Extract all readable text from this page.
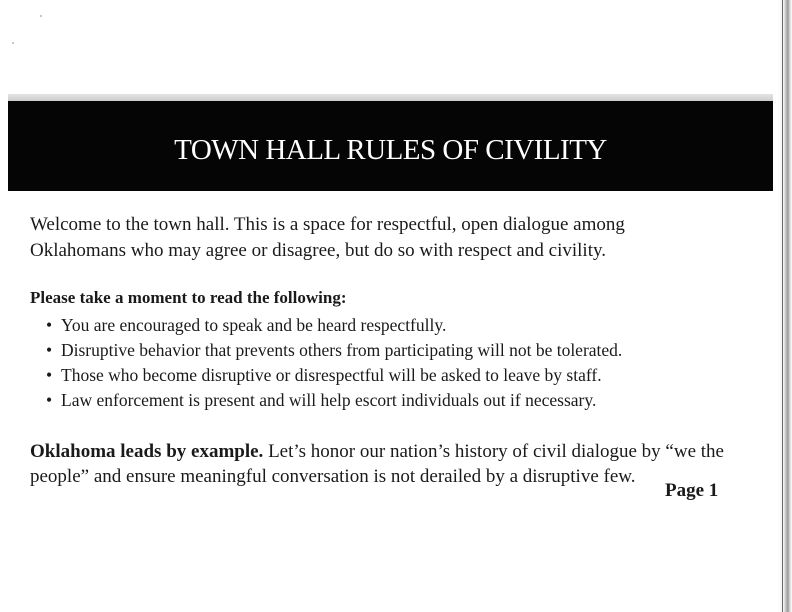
TOWN HALL RULES OF CIVILITY

Welcome to the town hall. This is a space for respectful, open dialogue among Oklahomans who may agree or disagree, but do so with respect and civility.

Please take a moment to read the following:

• You are encouraged to speak and be heard respectfully.
• Disruptive behavior that prevents others from participating will not be tolerated.
• Those who become disruptive or disrespectful will be asked to leave by staff.
• Law enforcement is present and will help escort individuals out if necessary.

Oklahoma leads by example. Let’s honor our nation’s history of civil dialogue by “we the people” and ensure meaningful conversation is not derailed by a disruptive few.

Page 1
